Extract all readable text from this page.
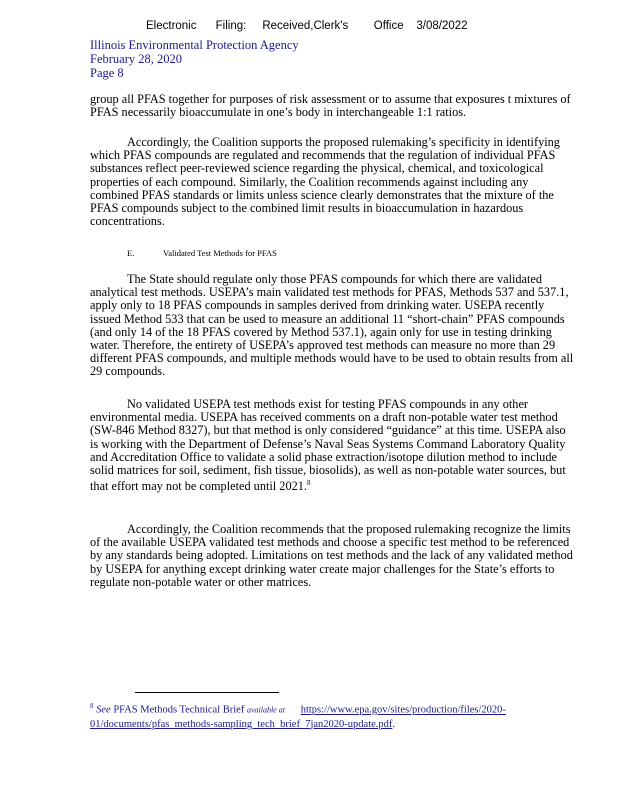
Electronic      Filing:     Received,Clerk's        Office    3/08/2022
Illinois Environmental Protection Agency
February 28, 2020
Page 8

group all PFAS together for purposes of risk assessment or to assume that exposures t mixtures of PFAS necessarily bioaccumulate in one’s body in interchangeable 1:1 ratios.

Accordingly, the Coalition supports the proposed rulemaking’s specificity in identifying which PFAS compounds are regulated and recommends that the regulation of individual PFAS substances reflect peer-reviewed science regarding the physical, chemical, and toxicological properties of each compound. Similarly, the Coalition recommends against including any combined PFAS standards or limits unless science clearly demonstrates that the mixture of the PFAS compounds subject to the combined limit results in bioaccumulation in hazardous concentrations.

E.	Validated Test Methods for PFAS

The State should regulate only those PFAS compounds for which there are validated analytical test methods. USEPA’s main validated test methods for PFAS, Methods 537 and 537.1, apply only to 18 PFAS compounds in samples derived from drinking water. USEPA recently issued Method 533 that can be used to measure an additional 11 “short-chain” PFAS compounds (and only 14 of the 18 PFAS covered by Method 537.1), again only for use in testing drinking water. Therefore, the entirety of USEPA’s approved test methods can measure no more than 29 different PFAS compounds, and multiple methods would have to be used to obtain results from all 29 compounds.

No validated USEPA test methods exist for testing PFAS compounds in any other environmental media. USEPA has received comments on a draft non-potable water test method (SW-846 Method 8327), but that method is only considered “guidance” at this time. USEPA also is working with the Department of Defense’s Naval Seas Systems Command Laboratory Quality and Accreditation Office to validate a solid phase extraction/isotope dilution method to include solid matrices for soil, sediment, fish tissue, biosolids), as well as non-potable water sources, but that effort may not be completed until 2021.$^8$

Accordingly, the Coalition recommends that the proposed rulemaking recognize the limits of the available USEPA validated test methods and choose a specific test method to be referenced by any standards being adopted. Limitations on test methods and the lack of any validated method by USEPA for anything except drinking water create major challenges for the State’s efforts to regulate non-potable water or other matrices.

$^8$ See PFAS Methods Technical Brief available at https://www.epa.gov/sites/production/files/2020-
01/documents/pfas_methods-sampling_tech_brief_7jan2020-update.pdf.
